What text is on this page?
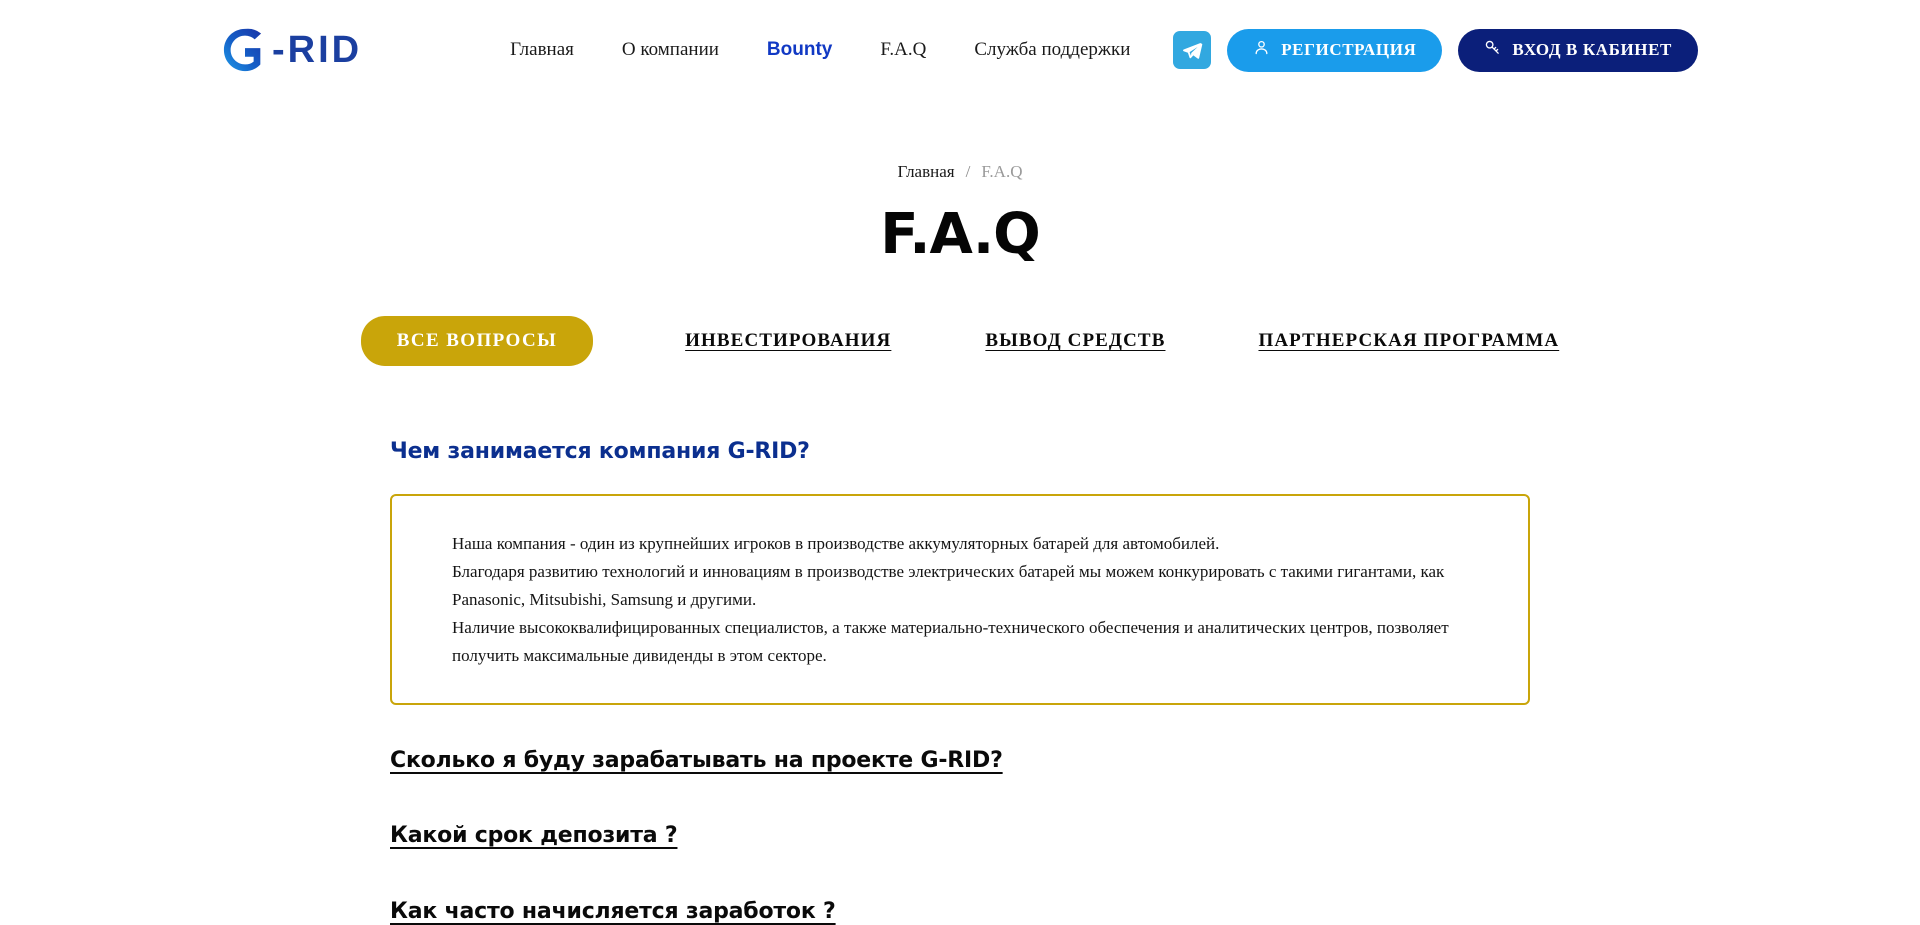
-RID	Главная	О компании	Bounty	F.A.Q	Служба поддержки	РЕГИСТРАЦИЯ	ВХОД В КАБИНЕТ
Главная / F.A.Q
F.A.Q
ВСЕ ВОПРОСЫ	ИНВЕСТИРОВАНИЯ	ВЫВОД СРЕДСТВ	ПАРТНЕРСКАЯ ПРОГРАММА
Чем занимается компания G-RID?

Наша компания - один из крупнейших игроков в производстве аккумуляторных батарей для автомобилей.

Благодаря развитию технологий и инновациям в производстве электрических батарей мы можем конкурировать с такими гигантами, как Panasonic, Mitsubishi, Samsung и другими.

Наличие высококвалифицированных специалистов, а также материально-технического обеспечения и аналитических центров, позволяет получить максимальные дивиденды в этом секторе.

Сколько я буду зарабатывать на проекте G-RID?
Какой срок депозита ?
Как часто начисляется заработок ?
